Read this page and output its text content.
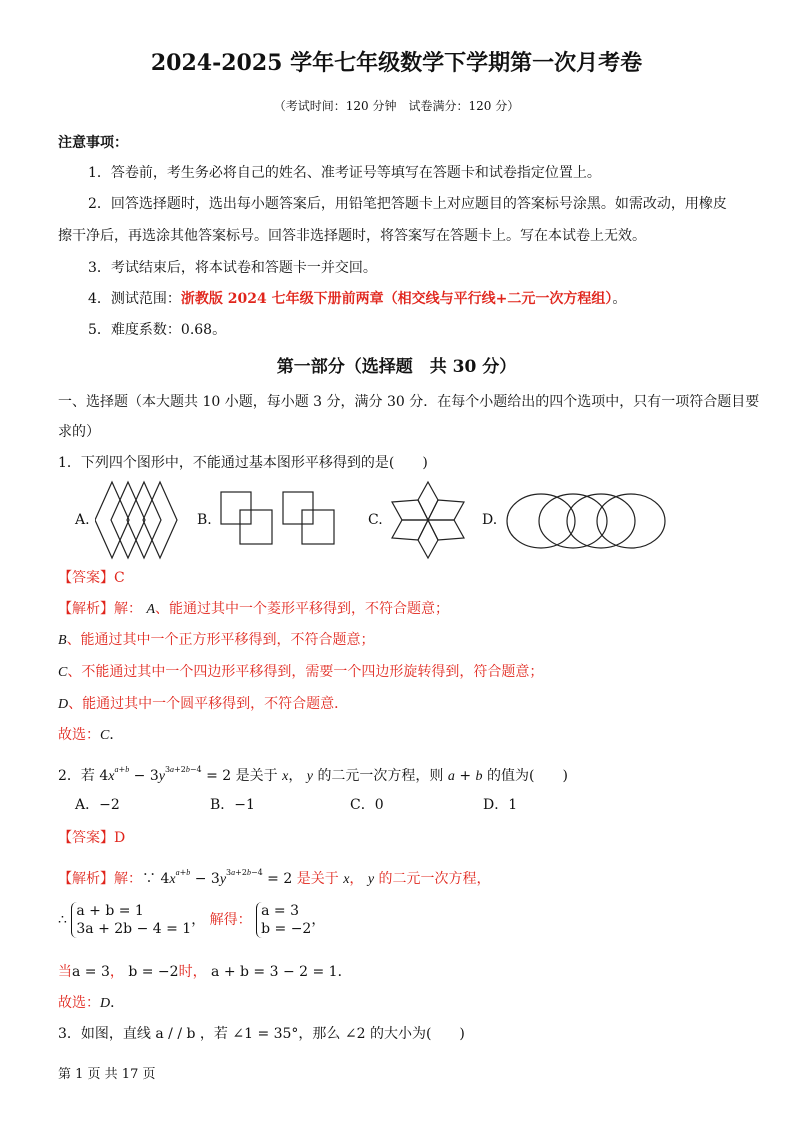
2024-2025 学年七年级数学下学期第一次月考卷
（考试时间：120 分钟　试卷满分：120 分）
注意事项：
1．答卷前，考生务必将自己的姓名、准考证号等填写在答题卡和试卷指定位置上。
2．回答选择题时，选出每小题答案后，用铅笔把答题卡上对应题目的答案标号涂黑。如需改动，用橡皮
擦干净后，再选涂其他答案标号。回答非选择题时，将答案写在答题卡上。写在本试卷上无效。
3．考试结束后，将本试卷和答题卡一并交回。
4．测试范围：浙教版 2024 七年级下册前两章（相交线与平行线+二元一次方程组）。
5．难度系数：0.68。
第一部分（选择题　共 30 分）
一、选择题（本大题共 10 小题，每小题 3 分，满分 30 分．在每个小题给出的四个选项中，只有一项符合题目要
求的）
1．下列四个图形中，不能通过基本图形平移得到的是(　　)
A.	B.	C.	D.
【答案】C
【解析】解： A、能通过其中一个菱形平移得到，不符合题意；
B、能通过其中一个正方形平移得到，不符合题意；
C、不能通过其中一个四边形平移得到，需要一个四边形旋转得到，符合题意；
D、能通过其中一个圆平移得到，不符合题意．
故选：C．
2．若 $4x^{a+b} - 3y^{3a+2b-4} = 2$ 是关于 x， y 的二元一次方程，则 a + b 的值为(　　)
A．−2	B．−1	C．0	D．1
【答案】D
【解析】解：∵ $4x^{a+b} - 3y^{3a+2b-4} = 2$ 是关于 x， y 的二元一次方程，
∴ a + b = 1
3a + 2b − 4 = 1， 解得： a = 3
b = −2，
当a = 3， b = −2时， a + b = 3 − 2 = 1．
故选：D．
3．如图，直线 a / / b ，若 ∠1 = 35°，那么 ∠2 的大小为(　　)
第 1 页 共 17 页
